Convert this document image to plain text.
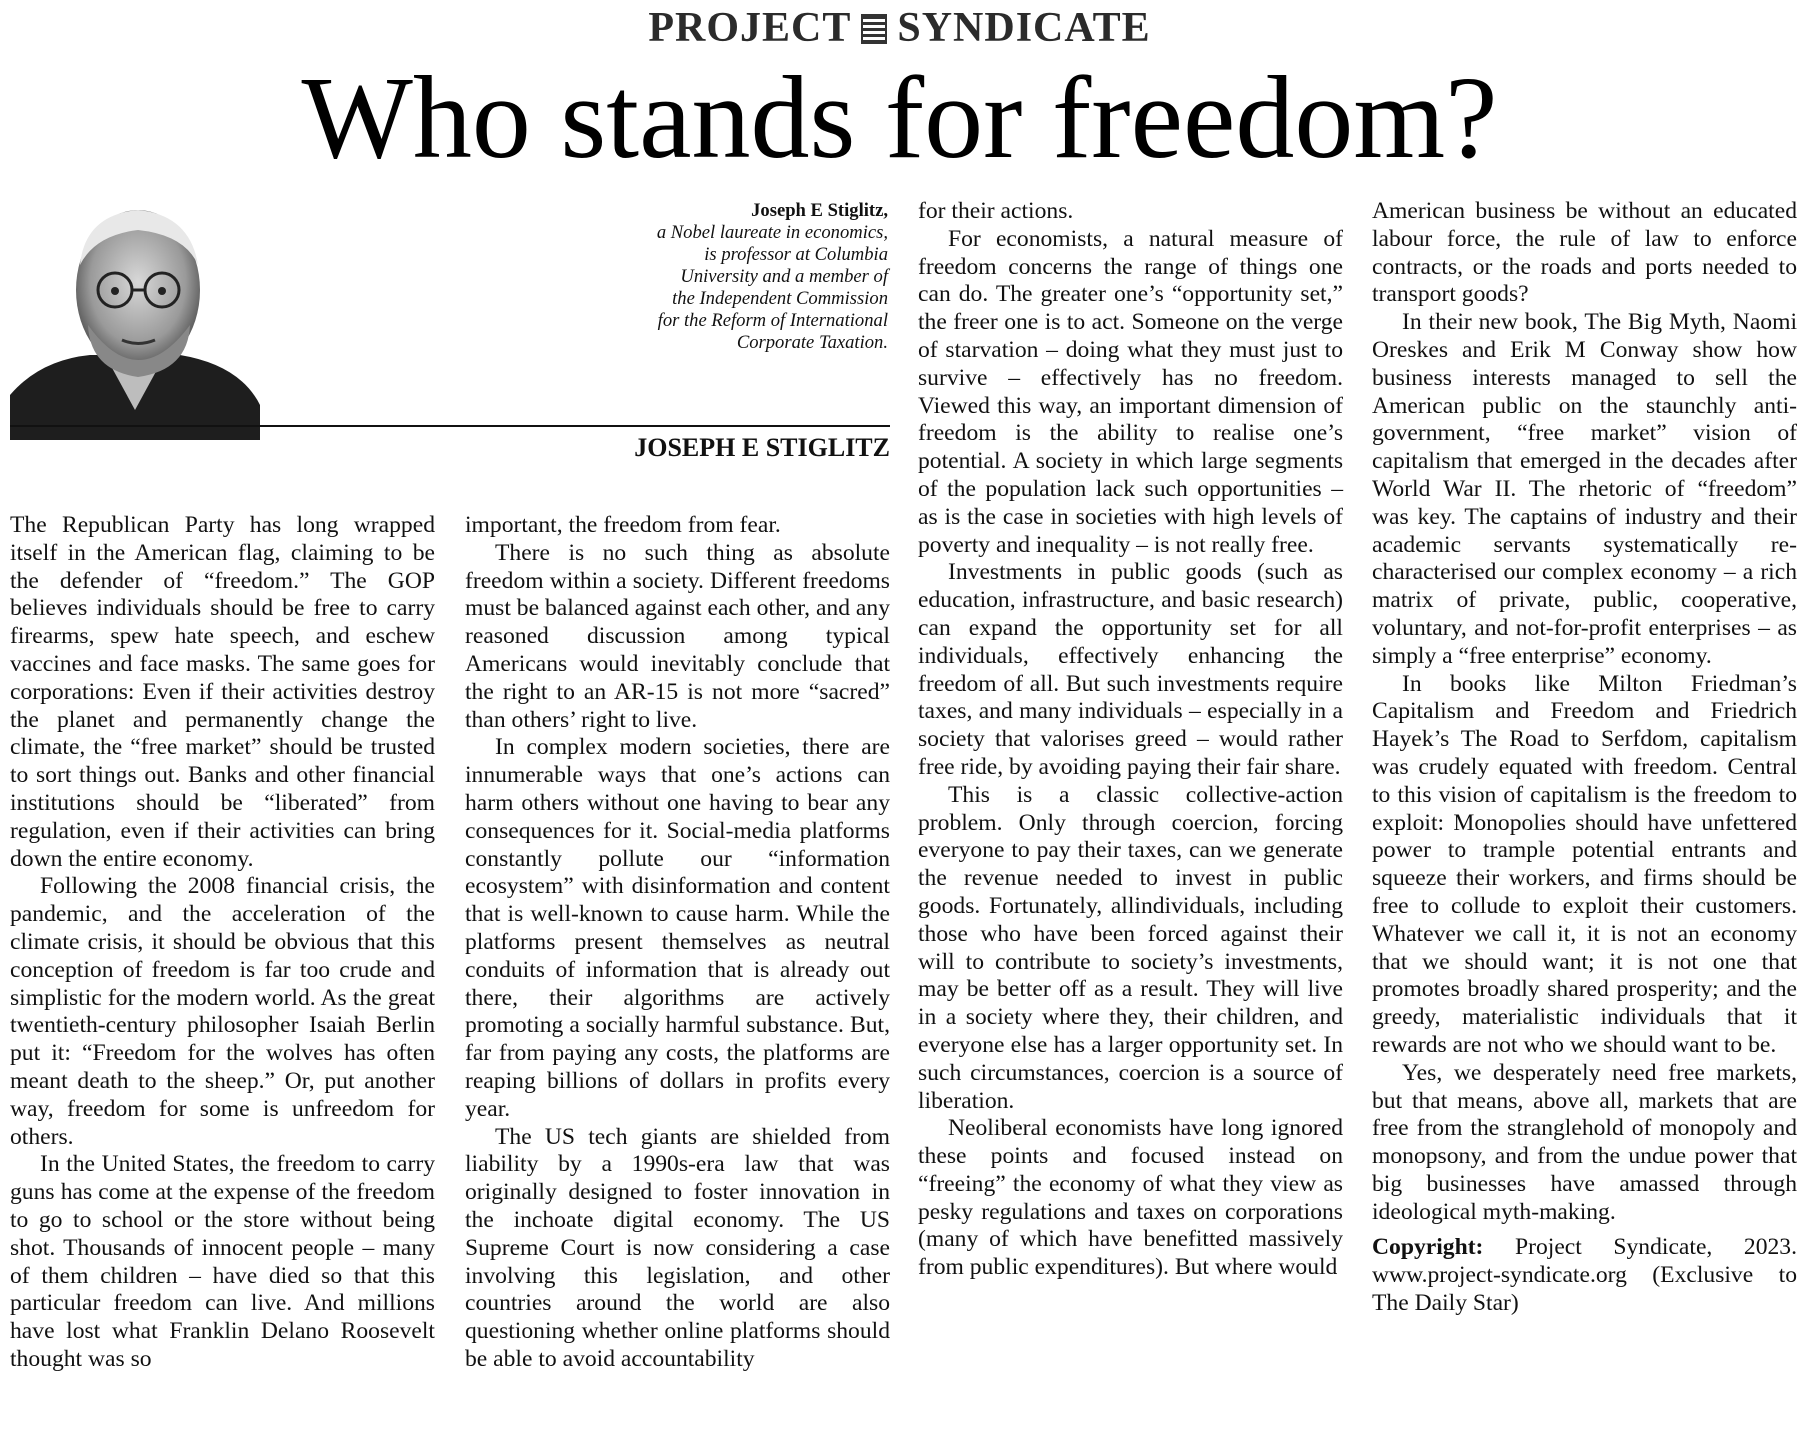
PROJECT SYNDICATE
Who stands for freedom?
Joseph E Stiglitz,
a Nobel laureate in economics,
is professor at Columbia
University and a member of
the Independent Commission
for the Reform of International
Corporate Taxation.
JOSEPH E STIGLITZ

The Republican Party has long wrapped itself in the American flag, claiming to be the defender of “freedom.” The GOP believes individuals should be free to carry firearms, spew hate speech, and eschew vaccines and face masks. The same goes for corporations: Even if their activities destroy the planet and permanently change the climate, the “free market” should be trusted to sort things out. Banks and other financial institutions should be “liberated” from regulation, even if their activities can bring down the entire economy.

Following the 2008 financial crisis, the pandemic, and the acceleration of the climate crisis, it should be obvious that this conception of freedom is far too crude and simplistic for the modern world. As the great twentieth-century philosopher Isaiah Berlin put it: “Freedom for the wolves has often meant death to the sheep.” Or, put another way, freedom for some is unfreedom for others.

In the United States, the freedom to carry guns has come at the expense of the freedom to go to school or the store without being shot. Thousands of innocent people – many of them children – have died so that this particular freedom can live. And millions have lost what Franklin Delano Roosevelt thought was so

important, the freedom from fear.

There is no such thing as absolute freedom within a society. Different freedoms must be balanced against each other, and any reasoned discussion among typical Americans would inevitably conclude that the right to an AR-15 is not more “sacred” than others’ right to live.

In complex modern societies, there are innumerable ways that one’s actions can harm others without one having to bear any consequences for it. Social-media platforms constantly pollute our “information ecosystem” with disinformation and content that is well-known to cause harm. While the platforms present themselves as neutral conduits of information that is already out there, their algorithms are actively promoting a socially harmful substance. But, far from paying any costs, the platforms are reaping billions of dollars in profits every year.

The US tech giants are shielded from liability by a 1990s-era law that was originally designed to foster innovation in the inchoate digital economy. The US Supreme Court is now considering a case involving this legislation, and other countries around the world are also questioning whether online platforms should be able to avoid accountability

for their actions.

For economists, a natural measure of freedom concerns the range of things one can do. The greater one’s “opportunity set,” the freer one is to act. Someone on the verge of starvation – doing what they must just to survive – effectively has no freedom. Viewed this way, an important dimension of freedom is the ability to realise one’s potential. A society in which large segments of the population lack such opportunities – as is the case in societies with high levels of poverty and inequality – is not really free.

Investments in public goods (such as education, infrastructure, and basic research) can expand the opportunity set for all individuals, effectively enhancing the freedom of all. But such investments require taxes, and many individuals – especially in a society that valorises greed – would rather free ride, by avoiding paying their fair share.

This is a classic collective-action problem. Only through coercion, forcing everyone to pay their taxes, can we generate the revenue needed to invest in public goods. Fortunately, allindividuals, including those who have been forced against their will to contribute to society’s investments, may be better off as a result. They will live in a society where they, their children, and everyone else has a larger opportunity set. In such circumstances, coercion is a source of liberation.

Neoliberal economists have long ignored these points and focused instead on “freeing” the economy of what they view as pesky regulations and taxes on corporations (many of which have benefitted massively from public expenditures). But where would

American business be without an educated labour force, the rule of law to enforce contracts, or the roads and ports needed to transport goods?

In their new book, The Big Myth, Naomi Oreskes and Erik M Conway show how business interests managed to sell the American public on the staunchly anti-government, “free market” vision of capitalism that emerged in the decades after World War II. The rhetoric of “freedom” was key. The captains of industry and their academic servants systematically re-characterised our complex economy – a rich matrix of private, public, cooperative, voluntary, and not-for-profit enterprises – as simply a “free enterprise” economy.

In books like Milton Friedman’s Capitalism and Freedom and Friedrich Hayek’s The Road to Serfdom, capitalism was crudely equated with freedom. Central to this vision of capitalism is the freedom to exploit: Monopolies should have unfettered power to trample potential entrants and squeeze their workers, and firms should be free to collude to exploit their customers. Whatever we call it, it is not an economy that we should want; it is not one that promotes broadly shared prosperity; and the greedy, materialistic individuals that it rewards are not who we should want to be.

Yes, we desperately need free markets, but that means, above all, markets that are free from the stranglehold of monopoly and monopsony, and from the undue power that big businesses have amassed through ideological myth-making.

Copyright: Project Syndicate, 2023. www.project-syndicate.org (Exclusive to The Daily Star)
